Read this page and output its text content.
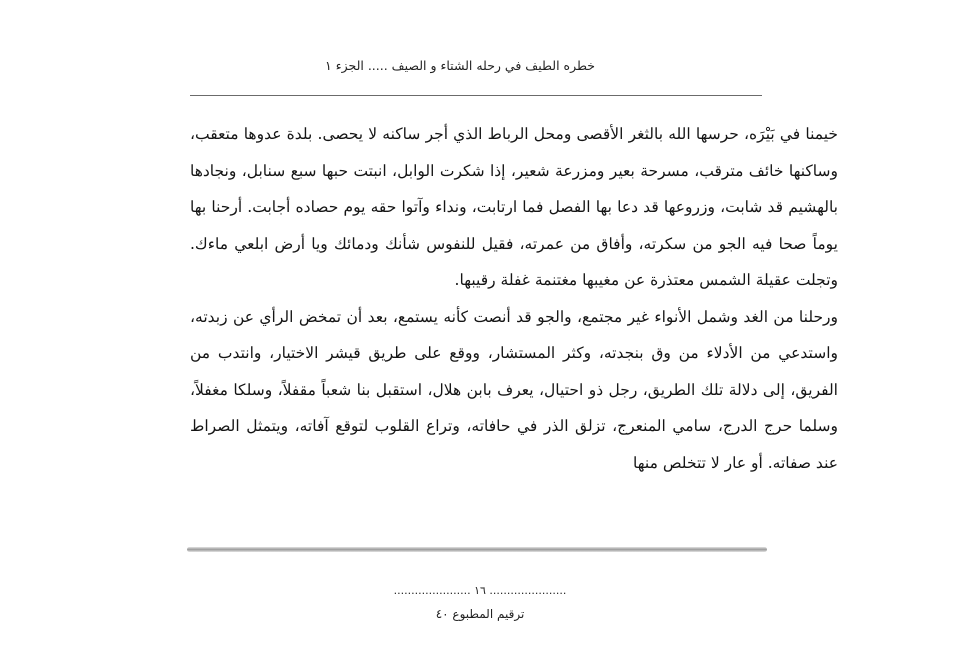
خطره الطيف في رحله الشتاء و الصيف ..... الجزء ١

خيمنا في بَيْرَه، حرسها الله بالثغر الأقصى ومحل الرباط الذي أجر ساكنه لا يحصى. بلدة عدوها متعقب، وساكنها خائف مترقب، مسرحة بعير ومزرعة شعير، إذا شكرت الوابل، انبتت حبها سبع سنابل، ونجادها بالهشيم قد شابت، وزروعها قد دعا بها الفصل فما ارتابت، ونداء وآتوا حقه يوم حصاده أجابت. أرحنا بها يوماً صحا فيه الجو من سكرته، وأفاق من عمرته، فقيل للنفوس شأنك ودمائك ويا أرض ابلعي ماءك. وتجلت عقيلة الشمس معتذرة عن مغيبها مغتنمة غفلة رقيبها.

ورحلنا من الغد وشمل الأنواء غير مجتمع، والجو قد أنصت كأنه يستمع، بعد أن تمخض الرأي عن زبدته، واستدعي من الأدلاء من وق بنجدته، وكثر المستشار، ووقع على طريق قيشر الاختيار، وانتدب من الفريق، إلى دلالة تلك الطريق، رجل ذو احتيال، يعرف بابن هلال، استقبل بنا شعباً مقفلاً، وسلكا مغفلاً، وسلما حرج الدرج، سامي المنعرج، تزلق الذر في حافاته، وتراع القلوب لتوقع آفاته، ويتمثل الصراط عند صفاته. أو عار لا تتخلص منها

...................... ١٦ ......................
ترقيم المطبوع ٤٠
